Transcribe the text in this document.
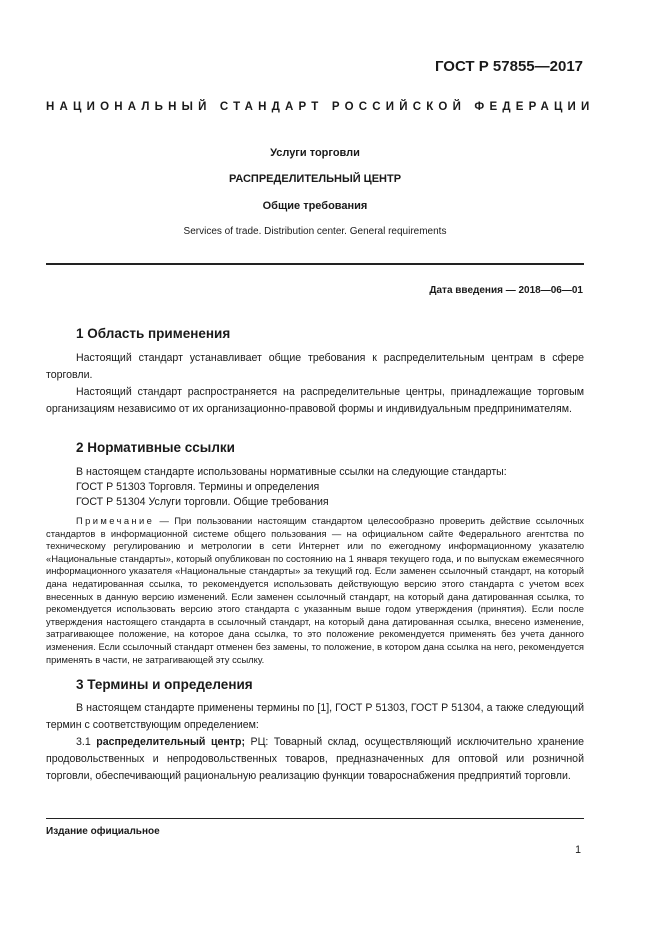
ГОСТ Р 57855—2017
НАЦИОНАЛЬНЫЙ СТАНДАРТ РОССИЙСКОЙ ФЕДЕРАЦИИ
Услуги торговли
РАСПРЕДЕЛИТЕЛЬНЫЙ ЦЕНТР
Общие требования
Services of trade. Distribution center. General requirements
Дата введения — 2018—06—01
1 Область применения

Настоящий стандарт устанавливает общие требования к распределительным центрам в сфере торговли.

Настоящий стандарт распространяется на распределительные центры, принадлежащие торговым организациям независимо от их организационно-правовой формы и индивидуальным предпринимателям.

2 Нормативные ссылки
В настоящем стандарте использованы нормативные ссылки на следующие стандарты:
ГОСТ Р 51303 Торговля. Термины и определения
ГОСТ Р 51304 Услуги торговли. Общие требования
Примечание — При пользовании настоящим стандартом целесообразно проверить действие ссылочных стандартов в информационной системе общего пользования — на официальном сайте Федерального агентства по техническому регулированию и метрологии в сети Интернет или по ежегодному информационному указателю «Национальные стандарты», который опубликован по состоянию на 1 января текущего года, и по выпускам ежемесячного информационного указателя «Национальные стандарты» за текущий год. Если заменен ссылочный стандарт, на который дана недатированная ссылка, то рекомендуется использовать действующую версию этого стандарта с учетом всех внесенных в данную версию изменений. Если заменен ссылочный стандарт, на который дана датированная ссылка, то рекомендуется использовать версию этого стандарта с указанным выше годом утверждения (принятия). Если после утверждения настоящего стандарта в ссылочный стандарт, на который дана датированная ссылка, внесено изменение, затрагивающее положение, на которое дана ссылка, то это положение рекомендуется применять без учета данного изменения. Если ссылочный стандарт отменен без замены, то положение, в котором дана ссылка на него, рекомендуется применять в части, не затрагивающей эту ссылку.
3 Термины и определения

В настоящем стандарте применены термины по [1], ГОСТ Р 51303, ГОСТ Р 51304, а также следующий термин с соответствующим определением:

3.1 распределительный центр; РЦ: Товарный склад, осуществляющий исключительно хранение продовольственных и непродовольственных товаров, предназначенных для оптовой или розничной торговли, обеспечивающий рациональную реализацию функции товароснабжения предприятий торговли.

Издание официальное
1
